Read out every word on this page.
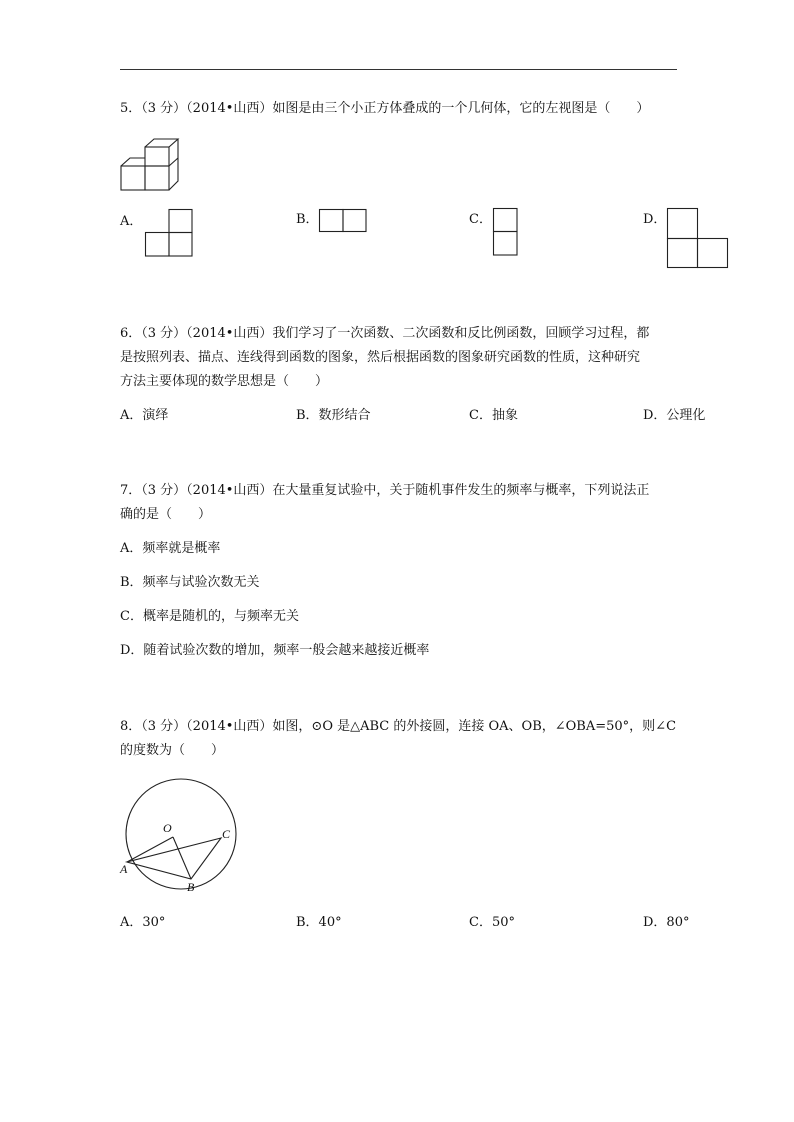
5．（3 分）（2014•山西）如图是由三个小正方体叠成的一个几何体，它的左视图是（　　）
A．	B．	C．	D．
6．（3 分）（2014•山西）我们学习了一次函数、二次函数和反比例函数，回顾学习过程，都
是按照列表、描点、连线得到函数的图象，然后根据函数的图象研究函数的性质，这种研究
方法主要体现的数学思想是（　　）
A．演绎	B．数形结合	C．抽象	D．公理化
7．（3 分）（2014•山西）在大量重复试验中，关于随机事件发生的频率与概率，下列说法正
确的是（　　）
A．频率就是概率
B．频率与试验次数无关
C．概率是随机的，与频率无关
D．随着试验次数的增加，频率一般会越来越接近概率
8．（3 分）（2014•山西）如图，⊙O 是△ABC 的外接圆，连接 OA、OB，∠OBA=50°，则∠C
的度数为（　　）
O
A
B
C
A．30°	B．40°	C．50°	D．80°
